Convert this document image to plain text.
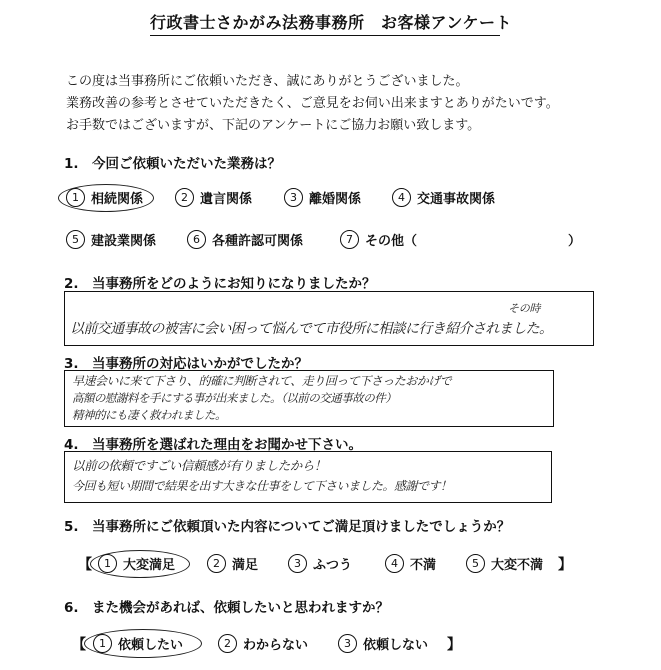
行政書士さかがみ法務事務所　お客様アンケート
この度は当事務所にご依頼いただき、誠にありがとうございました。
業務改善の参考とさせていただきたく、ご意見をお伺い出来ますとありがたいです。
お手数ではございますが、下記のアンケートにご協力お願い致します。
1.　今回ご依頼いただいた業務は？
1 相続関係	2 遺言関係	3 離婚関係	4 交通事故関係
5 建設業関係	6 各種許認可関係	7 その他（	）
2.　当事務所をどのようにお知りになりましたか？
その時
以前交通事故の被害に会い困って悩んでて市役所に相談に行き紹介されました。
3.　当事務所の対応はいかがでしたか？
早速会いに来て下さり、的確に判断されて、走り回って下さったおかげで
高額の慰謝料を手にする事が出来ました。（以前の交通事故の件）
精神的にも凄く救われました。
4.　当事務所を選ばれた理由をお聞かせ下さい。
以前の依頼ですごい信頼感が有りましたから！
今回も短い期間で結果を出す大きな仕事をして下さいました。感謝です！
5.　当事務所にご依頼頂いた内容についてご満足頂けましたでしょうか？
【	1 大変満足	2 満足	3 ふつう	4 不満	5 大変不満 】
6.　また機会があれば、依頼したいと思われますか？
【	1 依頼したい	2 わからない	3 依頼しない 】
